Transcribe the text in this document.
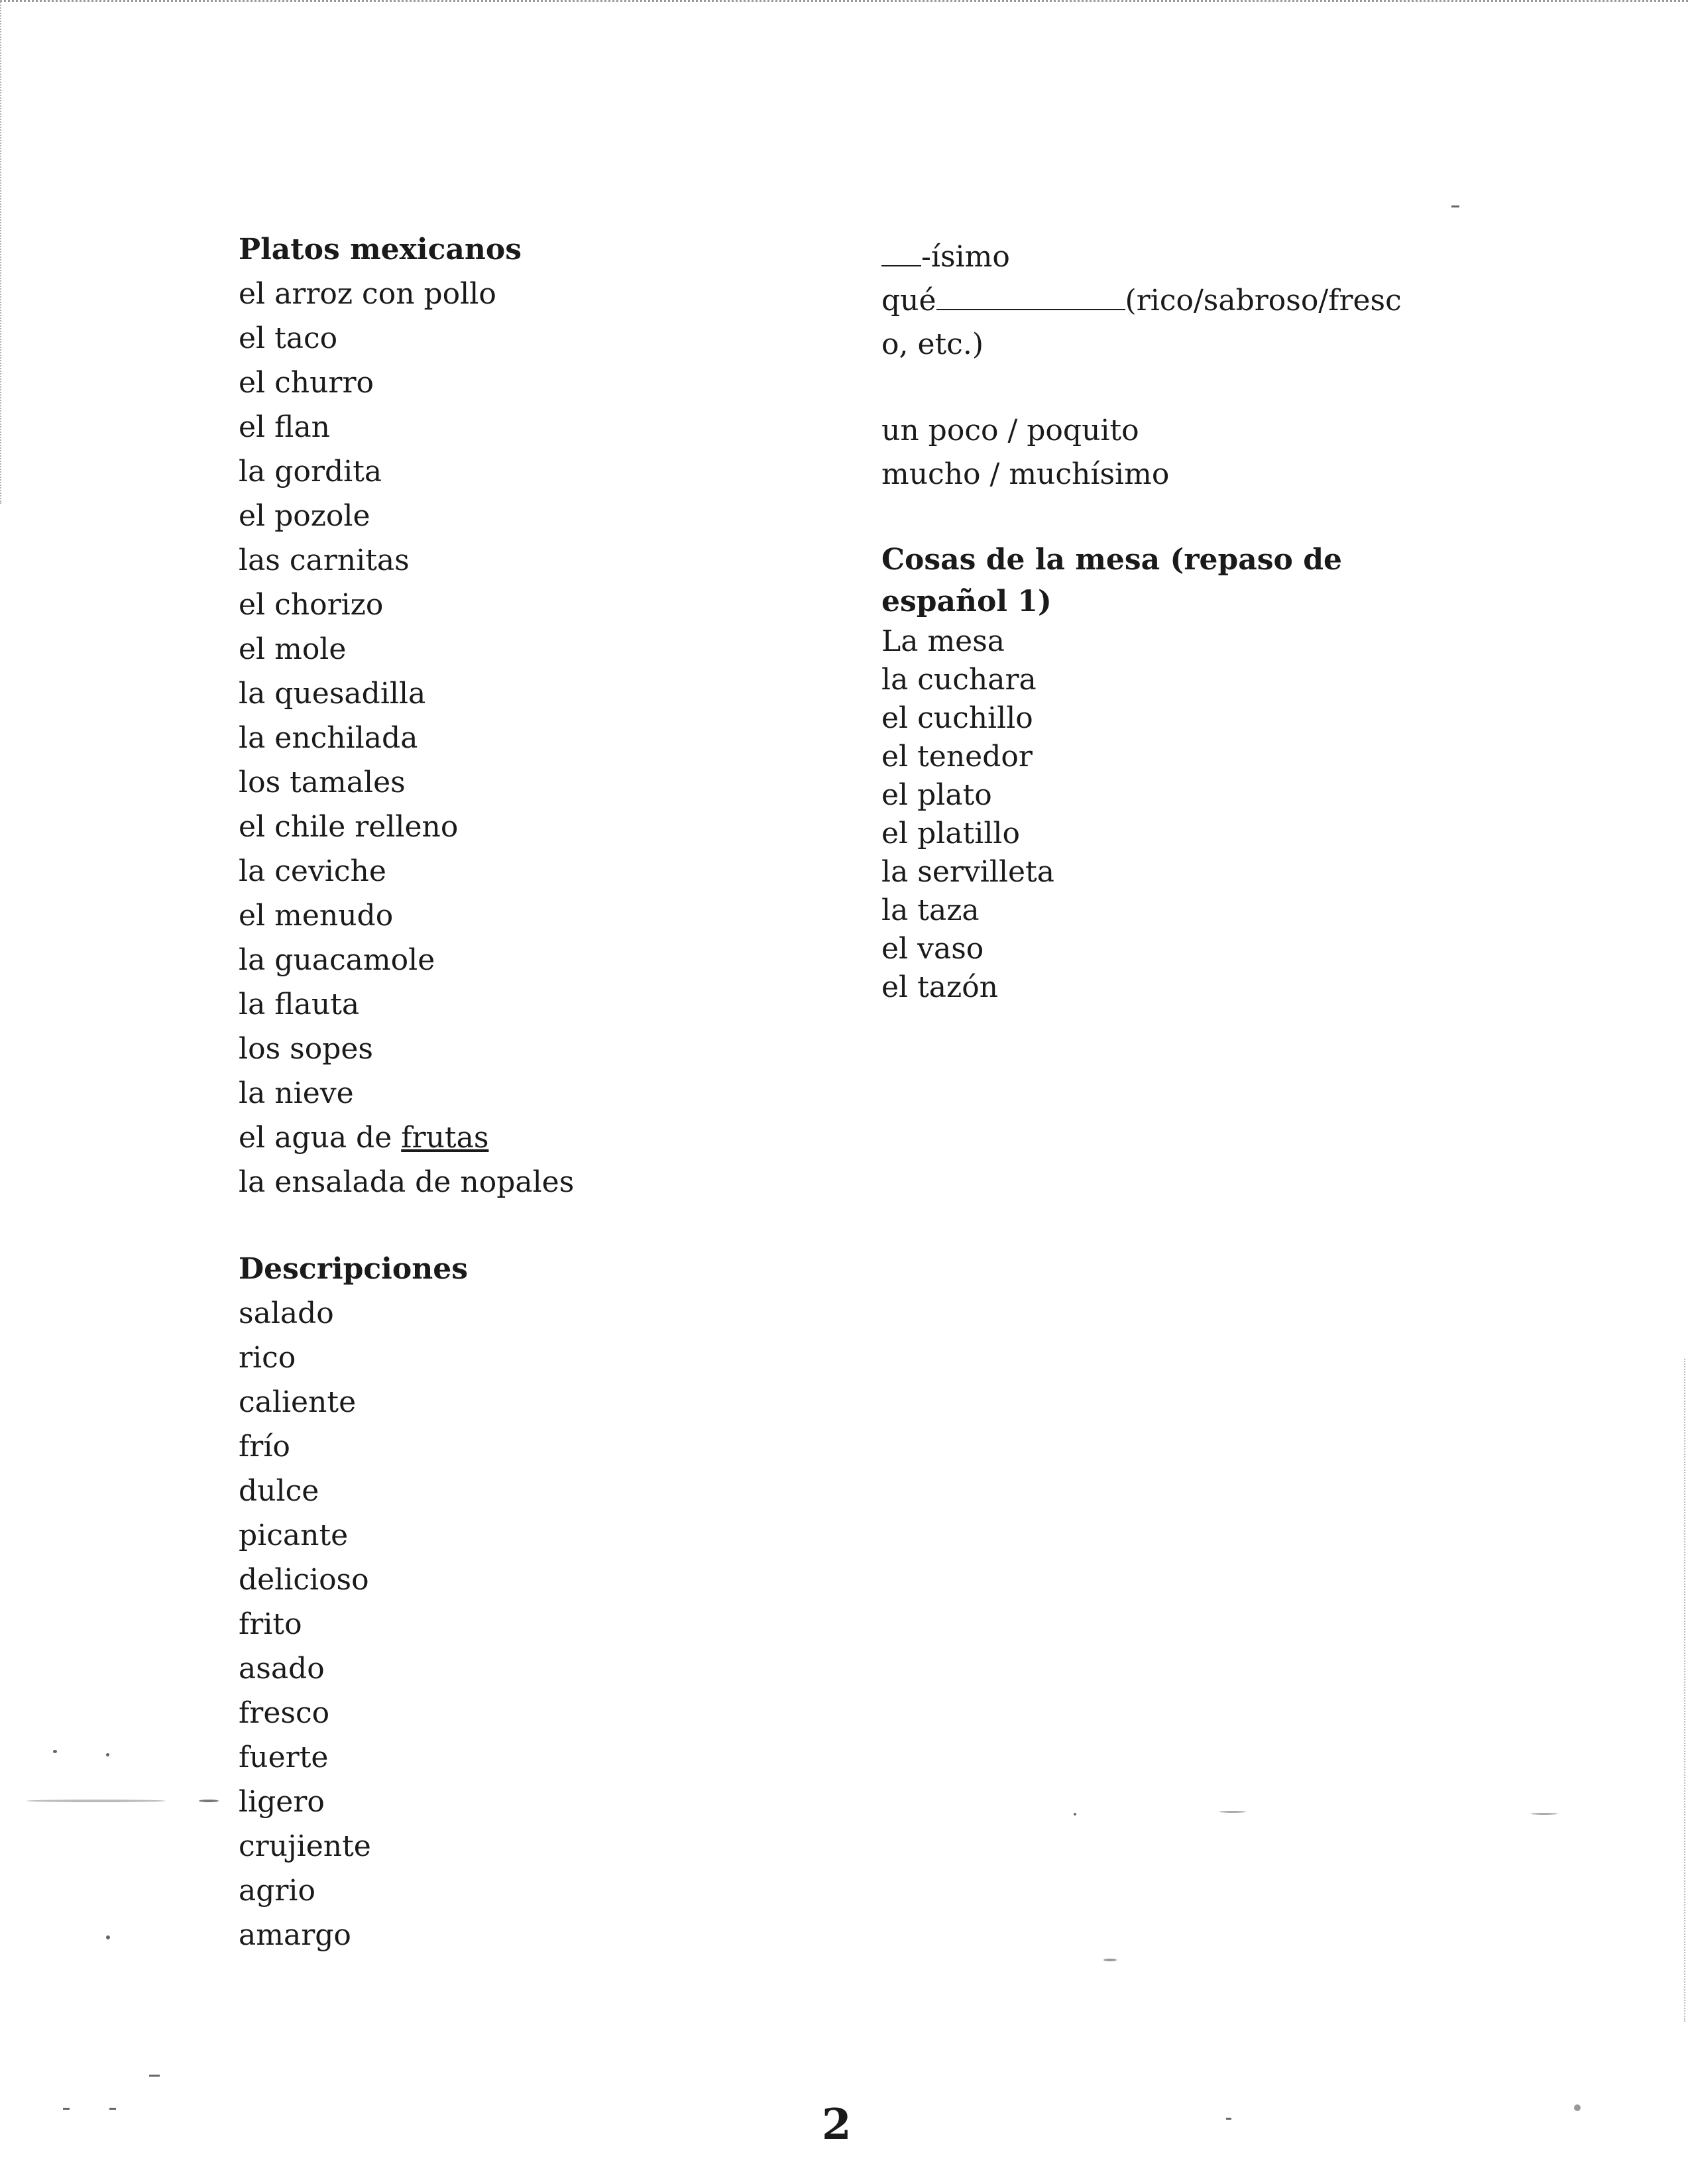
Platos mexicanos
el arroz con pollo
el taco
el churro
el flan
la gordita
el pozole
las carnitas
el chorizo
el mole
la quesadilla
la enchilada
los tamales
el chile relleno
la ceviche
el menudo
la guacamole
la flauta
los sopes
la nieve
el agua de frutas
la ensalada de nopales
Descripciones
salado
rico
caliente
frío
dulce
picante
delicioso
frito
asado
fresco
fuerte
ligero
crujiente
agrio
amargo
-ísimo
qué	(rico/sabroso/fresc
o, etc.)
un poco / poquito
mucho / muchísimo
Cosas de la mesa (repaso de
español 1)
La mesa
la cuchara
el cuchillo
el tenedor
el plato
el platillo
la servilleta
la taza
el vaso
el tazón
2
